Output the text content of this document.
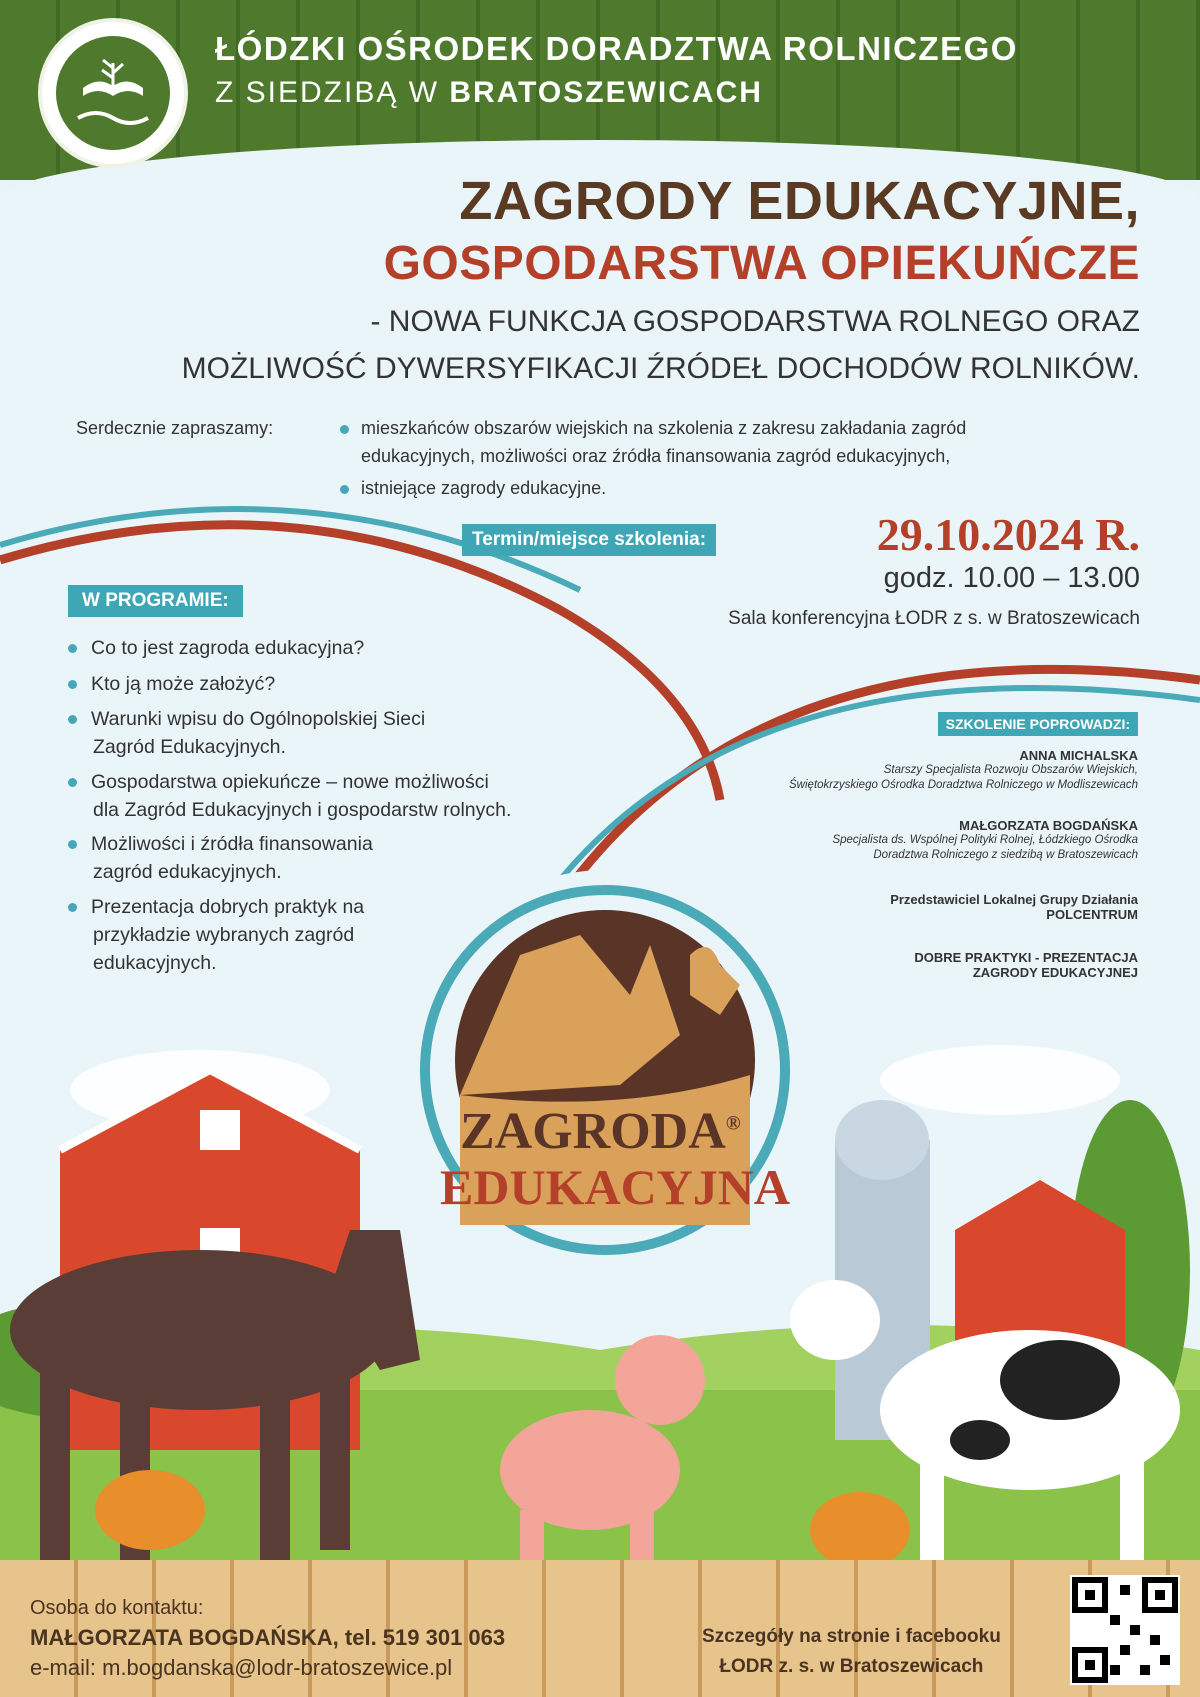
ŁÓDZKI OŚRODEK DORADZTWA ROLNICZEGO
Z SIEDZIBĄ W BRATOSZEWICACH
ZAGRODY EDUKACYJNE,
GOSPODARSTWA OPIEKUŃCZE
- NOWA FUNKCJA GOSPODARSTWA ROLNEGO ORAZ
MOŻLIWOŚĆ DYWERSYFIKACJI ŹRÓDEŁ DOCHODÓW ROLNIKÓW.
Serdecznie zapraszamy:	mieszkańców obszarów wiejskich na szkolenia z zakresu zakładania zagród
edukacyjnych, możliwości oraz źródła finansowania zagród edukacyjnych,
istniejące zagrody edukacyjne.
Termin/miejsce szkolenia:	29.10.2024 R.
godz. 10.00 – 13.00
Sala konferencyjna ŁODR z s. w Bratoszewicach
W PROGRAMIE:
Co to jest zagroda edukacyjna?
Kto ją może założyć?
Warunki wpisu do Ogólnopolskiej Sieci
Zagród Edukacyjnych.
Gospodarstwa opiekuńcze – nowe możliwości
dla Zagród Edukacyjnych i gospodarstw rolnych.
Możliwości i źródła finansowania
zagród edukacyjnych.
Prezentacja dobrych praktyk na
przykładzie wybranych zagród
edukacyjnych.
SZKOLENIE POPROWADZI:
ANNA MICHALSKA
Starszy Specjalista Rozwoju Obszarów Wiejskich,
Świętokrzyskiego Ośrodka Doradztwa Rolniczego w Modliszewicach
MAŁGORZATA BOGDAŃSKA
Specjalista ds. Wspólnej Polityki Rolnej, Łódzkiego Ośrodka
Doradztwa Rolniczego z siedzibą w Bratoszewicach
Przedstawiciel Lokalnej Grupy Działania
POLCENTRUM
DOBRE PRAKTYKI - PREZENTACJA
ZAGRODY EDUKACYJNEJ
ZAGRODA®
EDUKACYJNA
Osoba do kontaktu:
MAŁGORZATA BOGDAŃSKA, tel. 519 301 063
e-mail: m.bogdanska@lodr-bratoszewice.pl
Szczegóły na stronie i facebooku
ŁODR z. s. w Bratoszewicach
